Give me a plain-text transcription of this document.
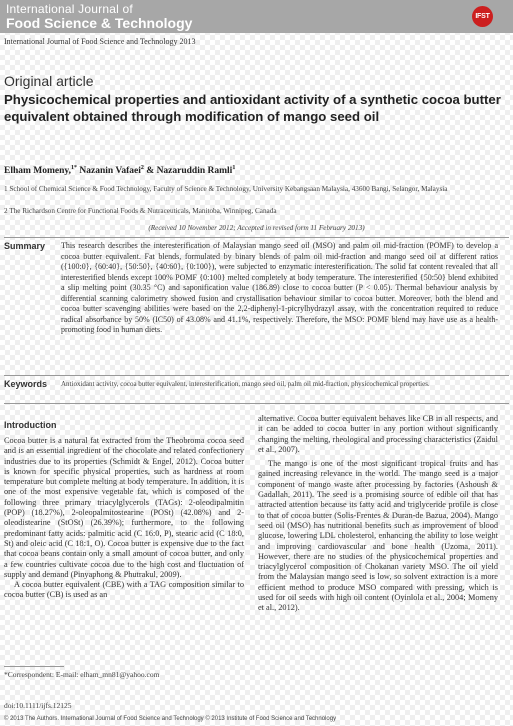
International Journal of
Food Science & Technology	IFST
International Journal of Food Science and Technology 2013
Original article
Physicochemical properties and antioxidant activity of a synthetic cocoa butter equivalent obtained through modification of mango seed oil
Elham Momeny,$^{1*}$ Nazanin Vafaei$^2$ & Nazaruddin Ramli$^1$
1 School of Chemical Science & Food Technology, Faculty of Science & Technology, University Kebangsaan Malaysia, 43600 Bangi, Selangor, Malaysia
2 The Richardson Centre for Functional Foods & Nutraceuticals, Manitoba, Winnipeg, Canada
(Received 10 November 2012; Accepted in revised form 11 February 2013)
Summary This research describes the interesterification of Malaysian mango seed oil (MSO) and palm oil mid-fraction (POMF) to develop a cocoa butter equivalent. Fat blends, formulated by binary blends of palm oil mid-fraction and mango seed oil at different ratios ({100:0}, {60:40}, {50:50}, {40:60}, {0:100}), were subjected to enzymatic interesterification. The solid fat content revealed that all interesterified blends except 100% POMF {0:100} melted completely at body temperature. The interesterified {50:50} blend exhibited a slip melting point (30.35 °C) and saponification value (186.89) close to cocoa butter (P < 0.05). Thermal behaviour analysis by differential scanning calorimetry showed fusion and crystallisation behaviour similar to cocoa butter. Moreover, both the blend and cocoa butter scavenging abilities were based on the 2,2-diphenyl-1-picrylhydrazyl assay, with the concentration required to reduce radical absorbance by 50% (IC50) of 43.08% and 41.1%, respectively. Therefore, the MSO: POMF blend may have use as a health-promoting food in human diets.
Keywords Antioxidant activity, cocoa butter equivalent, interesterification, mango seed oil, palm oil mid-fraction, physicochemical properties.
Introduction

Cocoa butter is a natural fat extracted from the Theobroma cocoa seed and is an essential ingredient of the chocolate and related confectionery industries due to its properties (Schmidt & Engel, 2012). Cocoa butter is known for specific physical properties, such as hardness at room temperature but complete melting at body temperature. In addition, it is one of the most expensive vegetable fat, which is composed of the following three primary triacylglycerols (TAGs): 2-oleodipalmitin (POP) (18.27%), 2-oleopalmitostearine (POSt) (42.08%) and 2-oleodistearine (StOSt) (26.39%); furthermore, to the following predominant fatty acids: palmitic acid (C 16:0, P), stearic acid (C 18:0, St) and oleic acid (C 18:1, O). Cocoa butter is expensive due to the fact that cocoa beans contain only a small amount of cocoa butter, and only a few countries cultivate cocoa due to the high cost and fluctuation of supply and demand (Pinyaphong & Phutrakul, 2009).

A cocoa butter equivalent (CBE) with a TAG composition similar to cocoa butter (CB) is used as an

alternative. Cocoa butter equivalent behaves like CB in all respects, and it can be added to cocoa butter in any portion without significantly changing the melting, rheological and processing characteristics (Zaidul et al., 2007).

The mango is one of the most significant tropical fruits and has gained increasing relevance in the world. The mango seed is a major component of mango waste after processing by factories (Ashoush & Gadallah, 2011). The seed is a promising source of edible oil that has attracted attention because its fatty acid and triglyceride profile is close to that of cocoa butter (Solis-Frentes & Duran-de Bazua, 2004). Mango seed oil (MSO) has nutritional benefits such as improvement of blood glucose, lowering LDL cholesterol, enhancing the ability to lose weight and improving cardiovascular and bone health (Uzoma, 2011). However, there are no studies of the physicochemical properties and triacylglycerol composition of Chokanan variety MSO. The oil yield from the Malaysian mango seed is low, so solvent extraction is a more efficient method to produce MSO compared with pressing, which is used for oil seeds with high oil content (Oyinlola et al., 2004; Momeny et al., 2012).

*Correspondent: E-mail: elham_mn81@yahoo.com
doi:10.1111/ijfs.12125
© 2013 The Authors. International Journal of Food Science and Technology © 2013 Institute of Food Science and Technology
